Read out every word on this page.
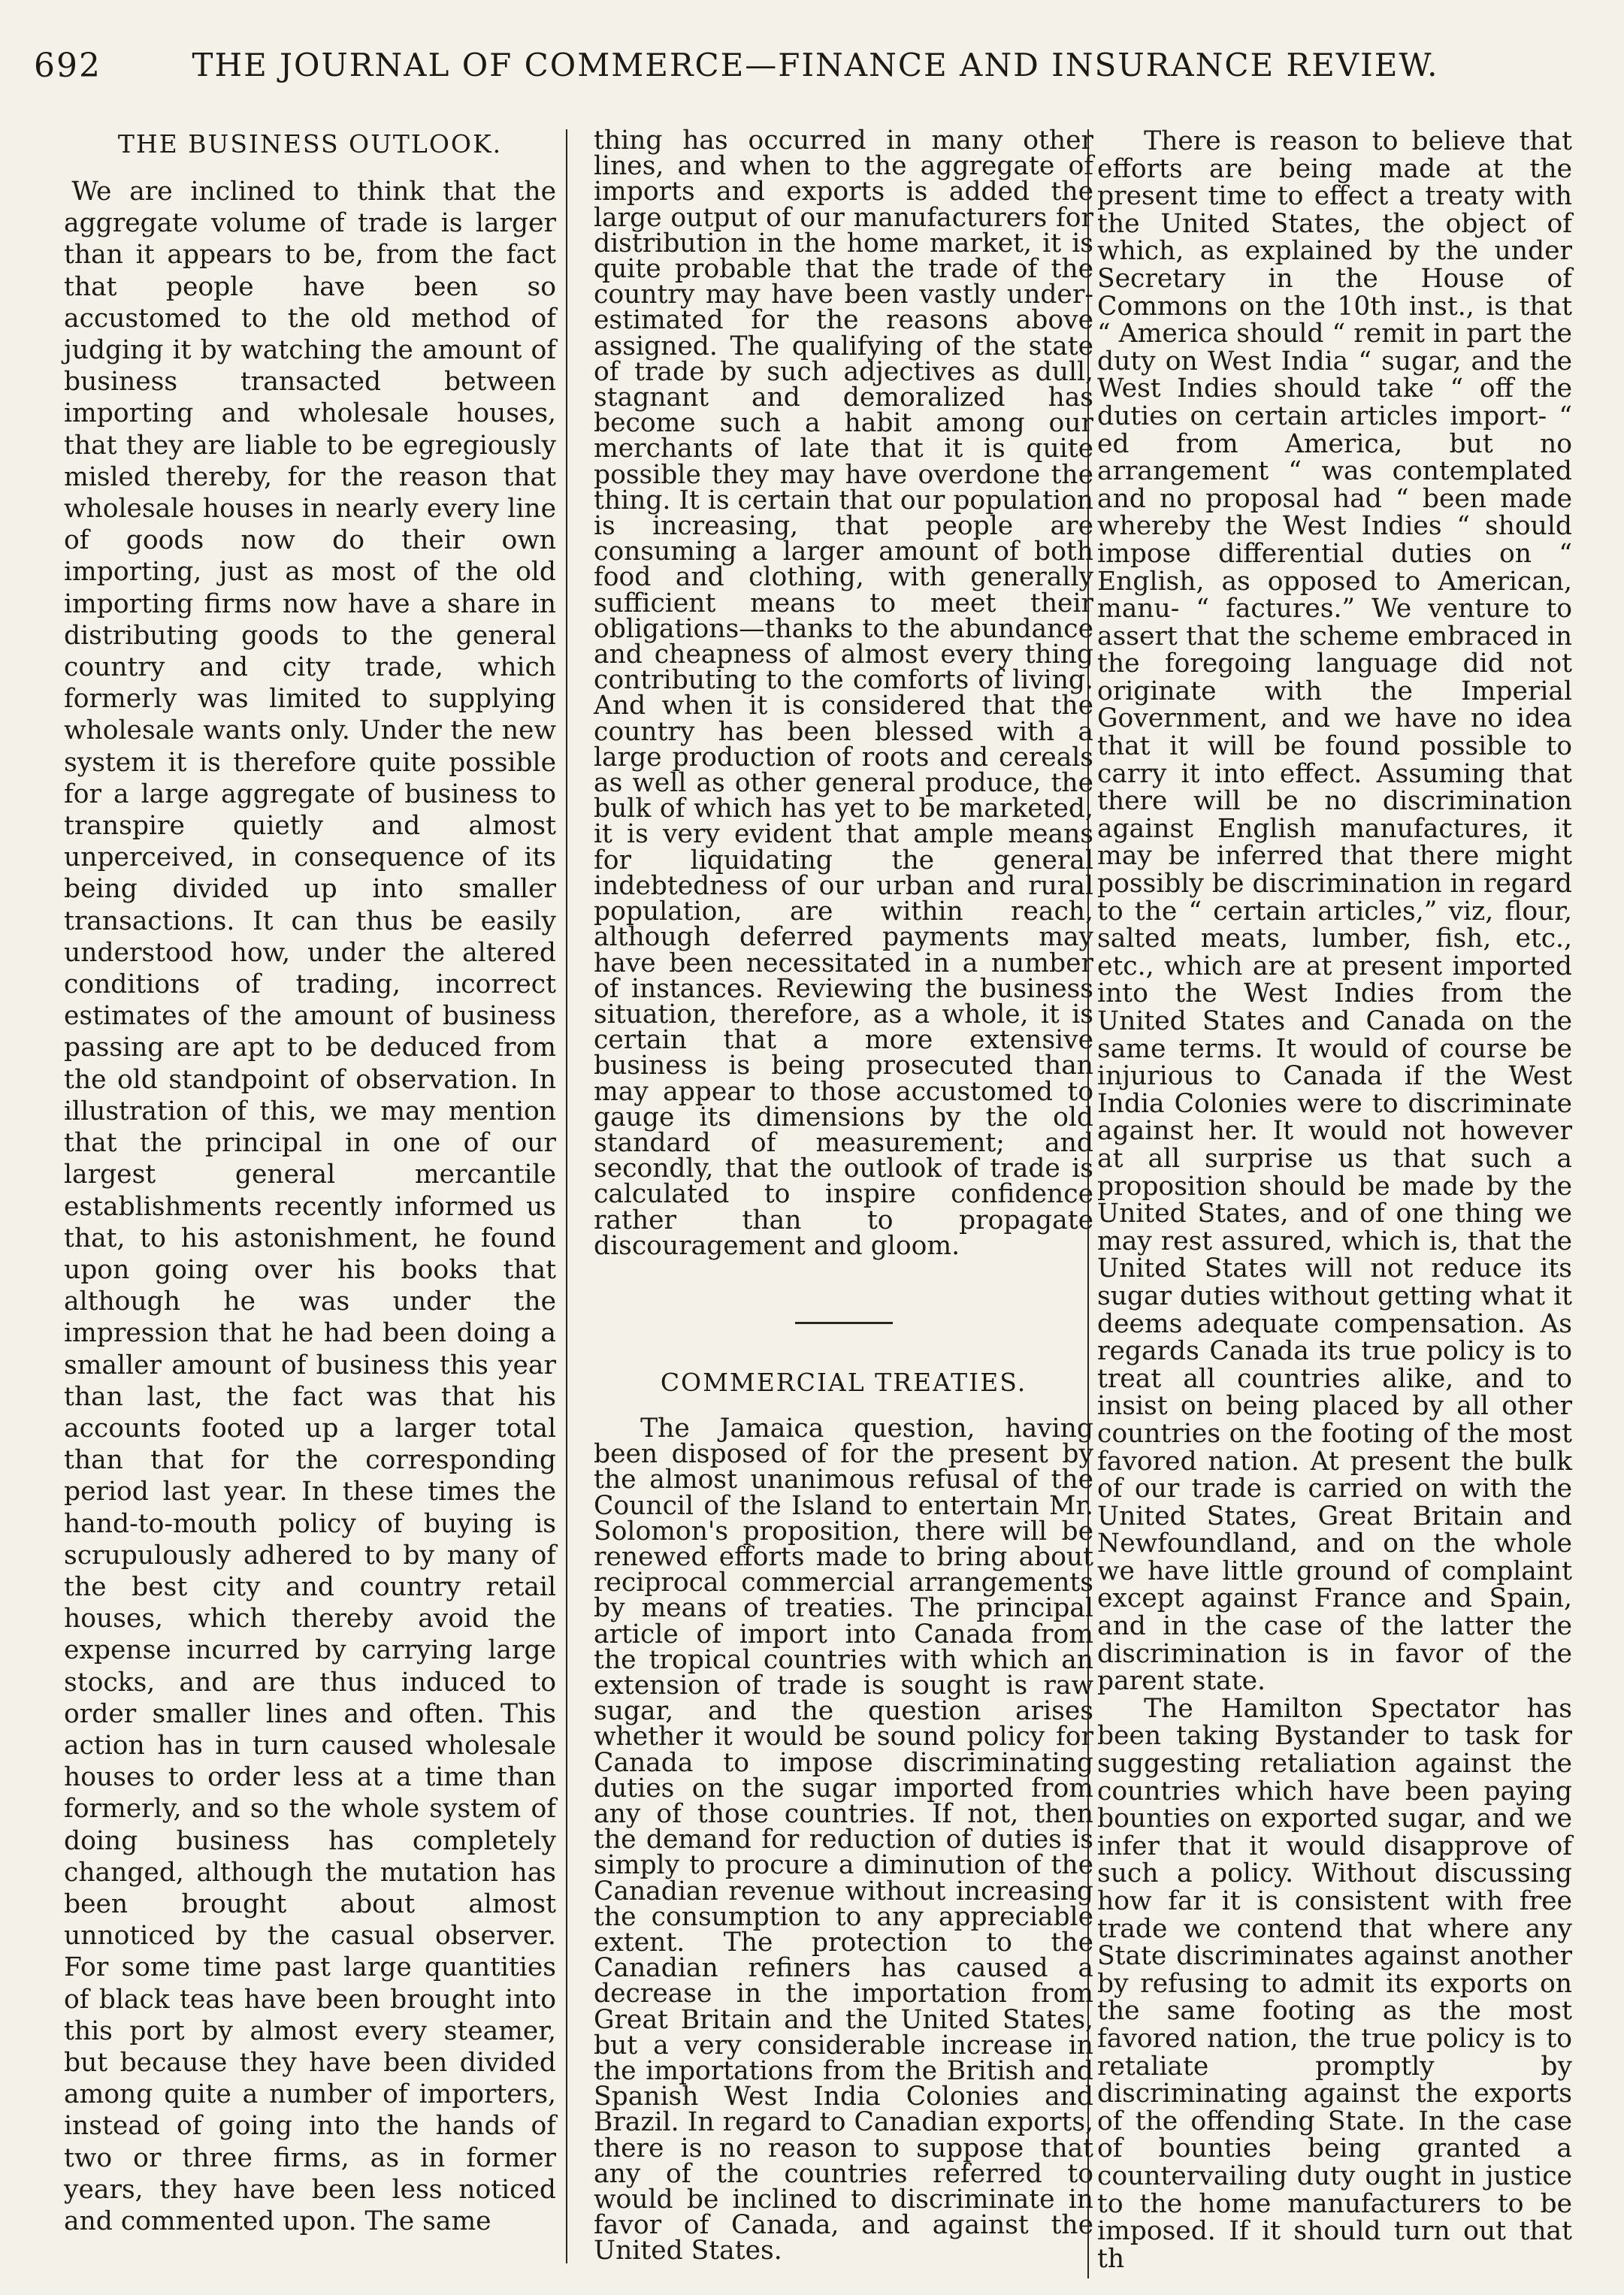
692	THE JOURNAL OF COMMERCE—FINANCE AND INSURANCE REVIEW.
THE BUSINESS OUTLOOK.

We are inclined to think that the aggregate volume of trade is larger than it appears to be, from the fact that people have been so accustomed to the old method of judging it by watching the amount of business transacted between importing and wholesale houses, that they are liable to be egregiously misled thereby, for the reason that wholesale houses in nearly every line of goods now do their own importing, just as most of the old importing firms now have a share in distributing goods to the general country and city trade, which formerly was limited to supplying wholesale wants only. Under the new system it is therefore quite possible for a large aggregate of business to transpire quietly and almost unperceived, in consequence of its being divided up into smaller transactions. It can thus be easily understood how, under the altered conditions of trading, incorrect estimates of the amount of business passing are apt to be deduced from the old standpoint of observation. In illustration of this, we may mention that the principal in one of our largest general mercantile establishments recently informed us that, to his astonishment, he found upon going over his books that although he was under the impression that he had been doing a smaller amount of business this year than last, the fact was that his accounts footed up a larger total than that for the corresponding period last year. In these times the hand-to-mouth policy of buying is scrupulously adhered to by many of the best city and country retail houses, which thereby avoid the expense incurred by carrying large stocks, and are thus induced to order smaller lines and often. This action has in turn caused wholesale houses to order less at a time than formerly, and so the whole system of doing business has completely changed, although the mutation has been brought about almost unnoticed by the casual observer. For some time past large quantities of black teas have been brought into this port by almost every steamer, but because they have been divided among quite a number of importers, instead of going into the hands of two or three firms, as in former years, they have been less noticed and commented upon. The same

thing has occurred in many other lines, and when to the aggregate of imports and exports is added the large output of our manufacturers for distribution in the home market, it is quite probable that the trade of the country may have been vastly under-estimated for the reasons above assigned. The qualifying of the state of trade by such adjectives as dull, stagnant and demoralized has become such a habit among our merchants of late that it is quite possible they may have overdone the thing. It is certain that our population is increasing, that people are consuming a larger amount of both food and clothing, with generally sufficient means to meet their obligations—thanks to the abundance and cheapness of almost every thing contributing to the comforts of living. And when it is considered that the country has been blessed with a large production of roots and cereals as well as other general produce, the bulk of which has yet to be marketed, it is very evident that ample means for liquidating the general indebtedness of our urban and rural population, are within reach, although deferred payments may have been necessitated in a number of instances. Reviewing the business situation, therefore, as a whole, it is certain that a more extensive business is being prosecuted than may appear to those accustomed to gauge its dimensions by the old standard of measurement; and secondly, that the outlook of trade is calculated to inspire confidence rather than to propagate discouragement and gloom.

COMMERCIAL TREATIES.

The Jamaica question, having been disposed of for the present by the almost unanimous refusal of the Council of the Island to entertain Mr. Solomon's proposition, there will be renewed efforts made to bring about reciprocal commercial arrangements by means of treaties. The principal article of import into Canada from the tropical countries with which an extension of trade is sought is raw sugar, and the question arises whether it would be sound policy for Canada to impose discriminating duties on the sugar imported from any of those countries. If not, then the demand for reduction of duties is simply to procure a diminution of the Canadian revenue without increasing the consumption to any appreciable extent. The protection to the Canadian refiners has caused a decrease in the importation from Great Britain and the United States, but a very considerable increase in the importations from the British and Spanish West India Colonies and Brazil. In regard to Canadian exports, there is no reason to suppose that any of the countries referred to would be inclined to discriminate in favor of Canada, and against the United States.

There is reason to believe that efforts are being made at the present time to effect a treaty with the United States, the object of which, as explained by the under Secretary in the House of Commons on the 10th inst., is that “ America should “ remit in part the duty on West India “ sugar, and the West Indies should take “ off the duties on certain articles import- “ ed from America, but no arrangement “ was contemplated and no proposal had “ been made whereby the West Indies “ should impose differential duties on “ English, as opposed to American, manu- “ factures.” We venture to assert that the scheme embraced in the foregoing language did not originate with the Imperial Government, and we have no idea that it will be found possible to carry it into effect. Assuming that there will be no discrimination against English manufactures, it may be inferred that there might possibly be discrimination in regard to the “ certain articles,” viz, flour, salted meats, lumber, fish, etc., etc., which are at present imported into the West Indies from the United States and Canada on the same terms. It would of course be injurious to Canada if the West India Colonies were to discriminate against her. It would not however at all surprise us that such a proposition should be made by the United States, and of one thing we may rest assured, which is, that the United States will not reduce its sugar duties without getting what it deems adequate compensation. As regards Canada its true policy is to treat all countries alike, and to insist on being placed by all other countries on the footing of the most favored nation. At present the bulk of our trade is carried on with the United States, Great Britain and Newfoundland, and on the whole we have little ground of complaint except against France and Spain, and in the case of the latter the discrimination is in favor of the parent state.

The Hamilton Spectator has been taking Bystander to task for suggesting retaliation against the countries which have been paying bounties on exported sugar, and we infer that it would disapprove of such a policy. Without discussing how far it is consistent with free trade we contend that where any State discriminates against another by refusing to admit its exports on the same footing as the most favored nation, the true policy is to retaliate promptly by discriminating against the exports of the offending State. In the case of bounties being granted a countervailing duty ought in justice to the home manufacturers to be imposed. If it should turn out that th
